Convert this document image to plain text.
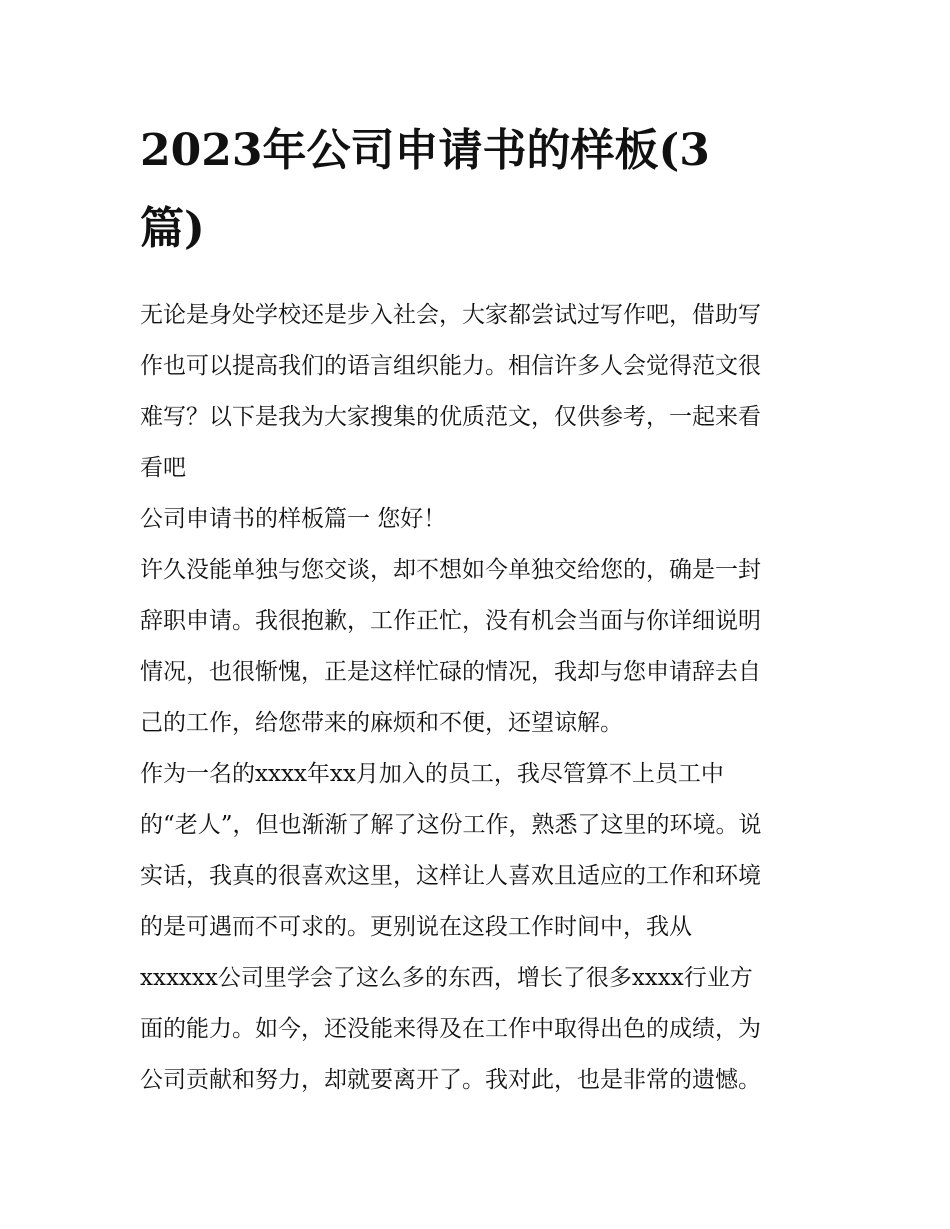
2023年公司申请书的样板(3
篇)
无论是身处学校还是步入社会，大家都尝试过写作吧，借助写
作也可以提高我们的语言组织能力。相信许多人会觉得范文很
难写？以下是我为大家搜集的优质范文，仅供参考，一起来看
看吧
公司申请书的样板篇一 您好！
许久没能单独与您交谈，却不想如今单独交给您的，确是一封
辞职申请。我很抱歉，工作正忙，没有机会当面与你详细说明
情况，也很惭愧，正是这样忙碌的情况，我却与您申请辞去自
己的工作，给您带来的麻烦和不便，还望谅解。
作为一名的xxxx年xx月加入的员工，我尽管算不上员工中
的“老人”，但也渐渐了解了这份工作，熟悉了这里的环境。说
实话，我真的很喜欢这里，这样让人喜欢且适应的工作和环境
的是可遇而不可求的。更别说在这段工作时间中，我从
xxxxxx公司里学会了这么多的东西，增长了很多xxxx行业方
面的能力。如今，还没能来得及在工作中取得出色的成绩，为
公司贡献和努力，却就要离开了。我对此，也是非常的遗憾。
